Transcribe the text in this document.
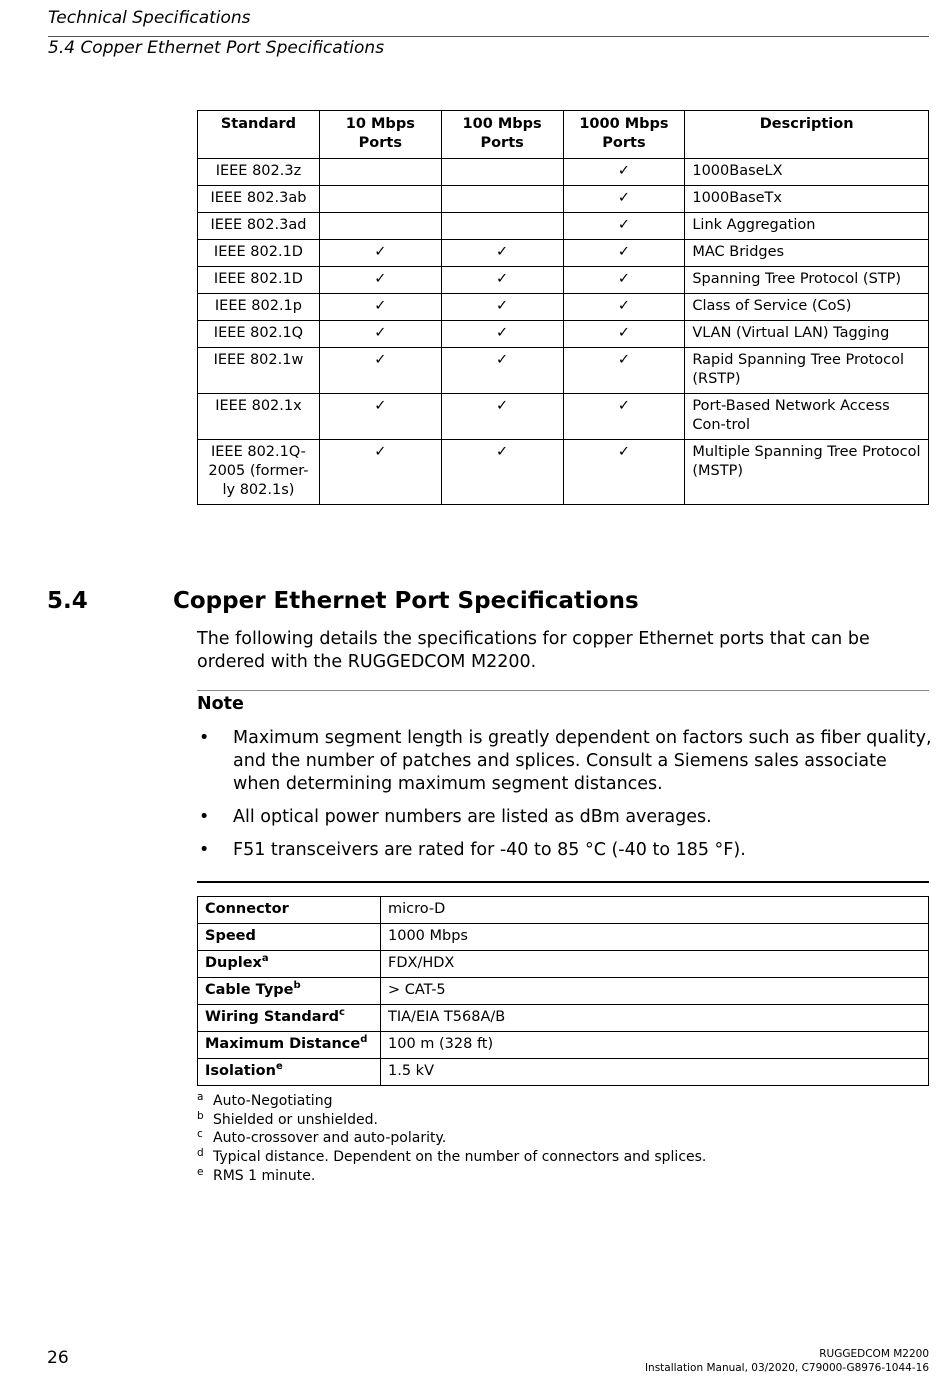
Technical Specifications
5.4 Copper Ethernet Port Specifications
Standard	10 Mbps Ports	100 Mbps Ports	1000 Mbps Ports	Description
IEEE 802.3z			✓	1000BaseLX
IEEE 802.3ab			✓	1000BaseTx
IEEE 802.3ad			✓	Link Aggregation
IEEE 802.1D	✓	✓	✓	MAC Bridges
IEEE 802.1D	✓	✓	✓	Spanning Tree Protocol (STP)
IEEE 802.1p	✓	✓	✓	Class of Service (CoS)
IEEE 802.1Q	✓	✓	✓	VLAN (Virtual LAN) Tagging
IEEE 802.1w	✓	✓	✓	Rapid Spanning Tree Protocol (RSTP)
IEEE 802.1x	✓	✓	✓	Port-Based Network Access Con-trol
IEEE 802.1Q-2005 (former-ly 802.1s)	✓	✓	✓	Multiple Spanning Tree Protocol (MSTP)
5.4	Copper Ethernet Port Specifications

The following details the specifications for copper Ethernet ports that can be ordered with the RUGGEDCOM M2200.

Note
• Maximum segment length is greatly dependent on factors such as fiber quality, and the number of patches and splices. Consult a Siemens sales associate when determining maximum segment distances.
• All optical power numbers are listed as dBm averages.
• F51 transceivers are rated for -40 to 85 °C (-40 to 185 °F).
Connector	micro-D
Speed	1000 Mbps
Duplex$^a$	FDX/HDX
Cable Type$^b$	> CAT-5
Wiring Standard$^c$	TIA/EIA T568A/B
Maximum Distance$^d$	100 m (328 ft)
Isolation$^e$	1.5 kV
a Auto-Negotiating
b Shielded or unshielded.
c Auto-crossover and auto-polarity.
d Typical distance. Dependent on the number of connectors and splices.
e RMS 1 minute.
26	RUGGEDCOM M2200
Installation Manual, 03/2020, C79000-G8976-1044-16
